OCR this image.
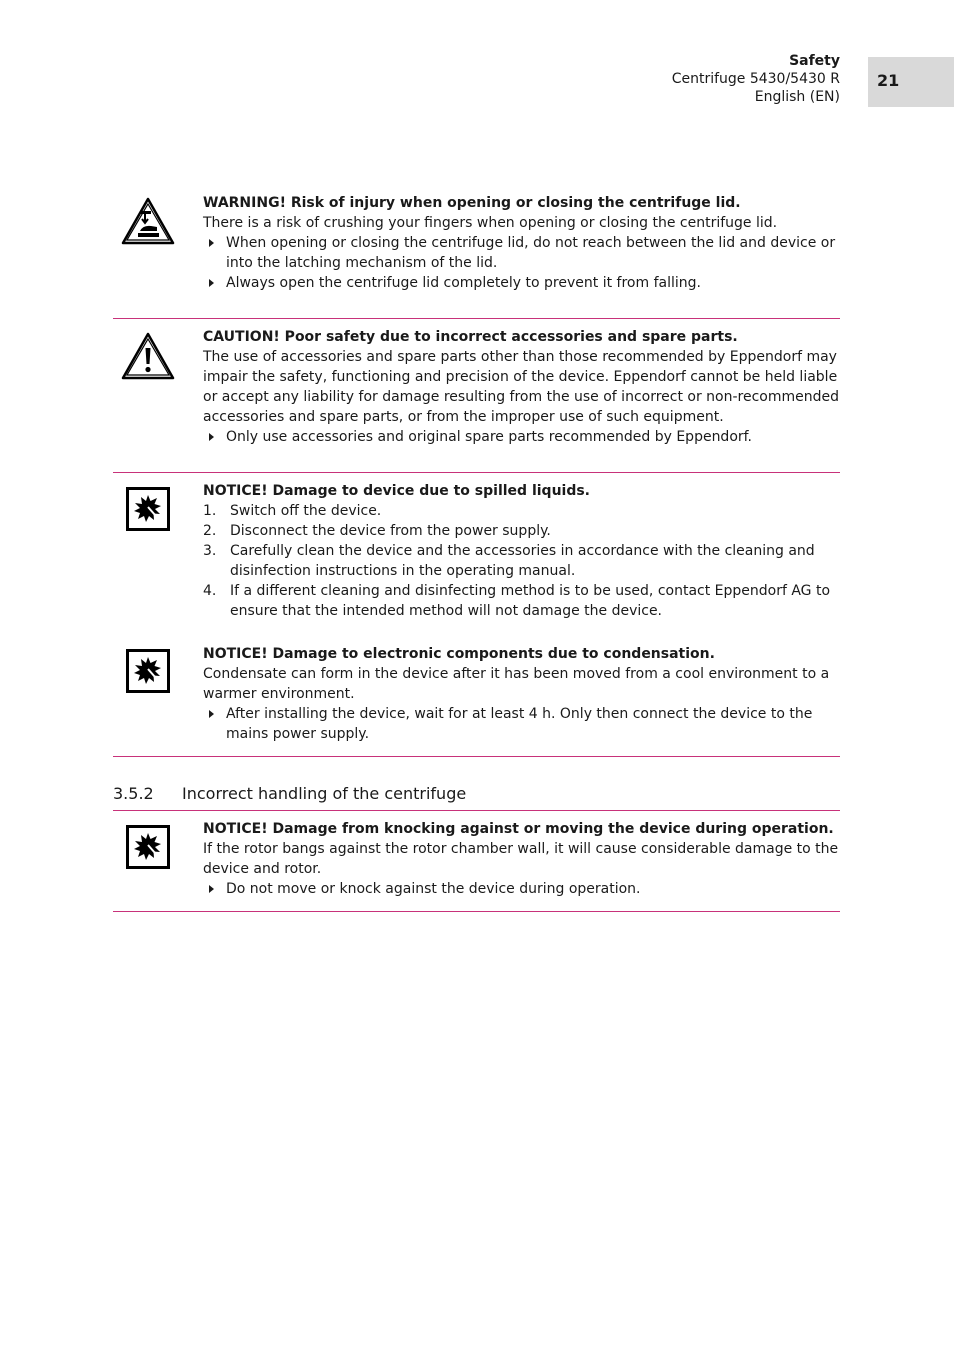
Safety
Centrifuge 5430/5430 R
English (EN)
21

WARNING! Risk of injury when opening or closing the centrifuge lid.

There is a risk of crushing your fingers when opening or closing the centrifuge lid.

When opening or closing the centrifuge lid, do not reach between the lid and device or into the latching mechanism of the lid.
Always open the centrifuge lid completely to prevent it from falling.

CAUTION! Poor safety due to incorrect accessories and spare parts.

The use of accessories and spare parts other than those recommended by Eppendorf may impair the safety, functioning and precision of the device. Eppendorf cannot be held liable or accept any liability for damage resulting from the use of incorrect or non-recommended accessories and spare parts, or from the improper use of such equipment.

Only use accessories and original spare parts recommended by Eppendorf.

NOTICE! Damage to device due to spilled liquids.

1. Switch off the device.
2. Disconnect the device from the power supply.
3. Carefully clean the device and the accessories in accordance with the cleaning and disinfection instructions in the operating manual.
4. If a different cleaning and disinfecting method is to be used, contact Eppendorf AG to ensure that the intended method will not damage the device.

NOTICE! Damage to electronic components due to condensation.

Condensate can form in the device after it has been moved from a cool environment to a warmer environment.

After installing the device, wait for at least 4 h. Only then connect the device to the mains power supply.
3.5.2 Incorrect handling of the centrifuge

NOTICE! Damage from knocking against or moving the device during operation.

If the rotor bangs against the rotor chamber wall, it will cause considerable damage to the device and rotor.

Do not move or knock against the device during operation.
